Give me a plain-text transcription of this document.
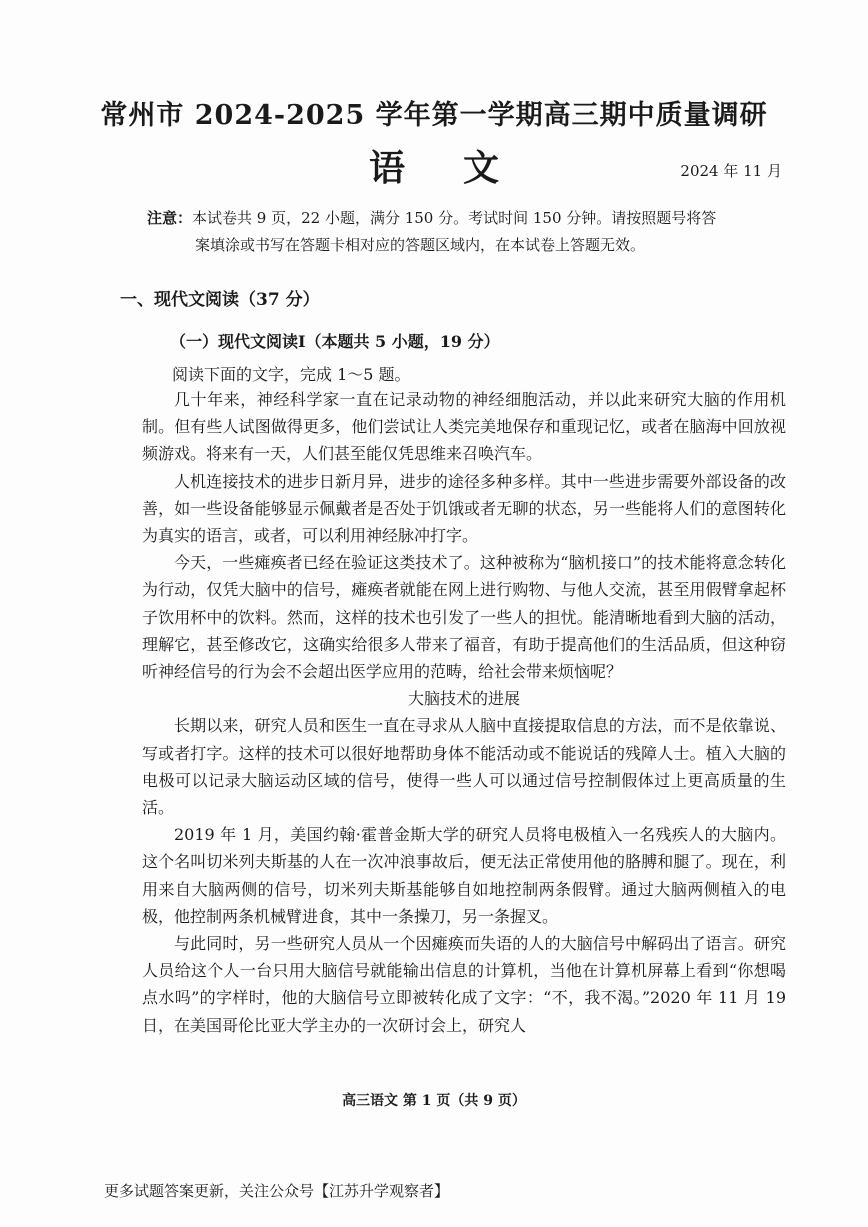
常州市 2024-2025 学年第一学期高三期中质量调研
语文	2024 年 11 月
注意：本试卷共 9 页，22 小题，满分 150 分。考试时间 150 分钟。请按照题号将答
案填涂或书写在答题卡相对应的答题区域内，在本试卷上答题无效。
一、现代文阅读（37 分）
（一）现代文阅读Ⅰ（本题共 5 小题，19 分）
阅读下面的文字，完成 1～5 题。

几十年来，神经科学家一直在记录动物的神经细胞活动，并以此来研究大脑的作用机制。但有些人试图做得更多，他们尝试让人类完美地保存和重现记忆，或者在脑海中回放视频游戏。将来有一天，人们甚至能仅凭思维来召唤汽车。

人机连接技术的进步日新月异，进步的途径多种多样。其中一些进步需要外部设备的改善，如一些设备能够显示佩戴者是否处于饥饿或者无聊的状态，另一些能将人们的意图转化为真实的语言，或者，可以利用神经脉冲打字。

今天，一些瘫痪者已经在验证这类技术了。这种被称为“脑机接口”的技术能将意念转化为行动，仅凭大脑中的信号，瘫痪者就能在网上进行购物、与他人交流，甚至用假臂拿起杯子饮用杯中的饮料。然而，这样的技术也引发了一些人的担忧。能清晰地看到大脑的活动，理解它，甚至修改它，这确实给很多人带来了福音，有助于提高他们的生活品质，但这种窃听神经信号的行为会不会超出医学应用的范畴，给社会带来烦恼呢？

大脑技术的进展

长期以来，研究人员和医生一直在寻求从人脑中直接提取信息的方法，而不是依靠说、写或者打字。这样的技术可以很好地帮助身体不能活动或不能说话的残障人士。植入大脑的电极可以记录大脑运动区域的信号，使得一些人可以通过信号控制假体过上更高质量的生活。

2019 年 1 月，美国约翰·霍普金斯大学的研究人员将电极植入一名残疾人的大脑内。这个名叫切米列夫斯基的人在一次冲浪事故后，便无法正常使用他的胳膊和腿了。现在，利用来自大脑两侧的信号，切米列夫斯基能够自如地控制两条假臂。通过大脑两侧植入的电极，他控制两条机械臂进食，其中一条操刀，另一条握叉。

与此同时，另一些研究人员从一个因瘫痪而失语的人的大脑信号中解码出了语言。研究人员给这个人一台只用大脑信号就能输出信息的计算机，当他在计算机屏幕上看到“你想喝点水吗”的字样时，他的大脑信号立即被转化成了文字：“不，我不渴。”2020 年 11 月 19 日，在美国哥伦比亚大学主办的一次研讨会上，研究人

高三语文 第 1 页（共 9 页）
更多试题答案更新，关注公众号【江苏升学观察者】
